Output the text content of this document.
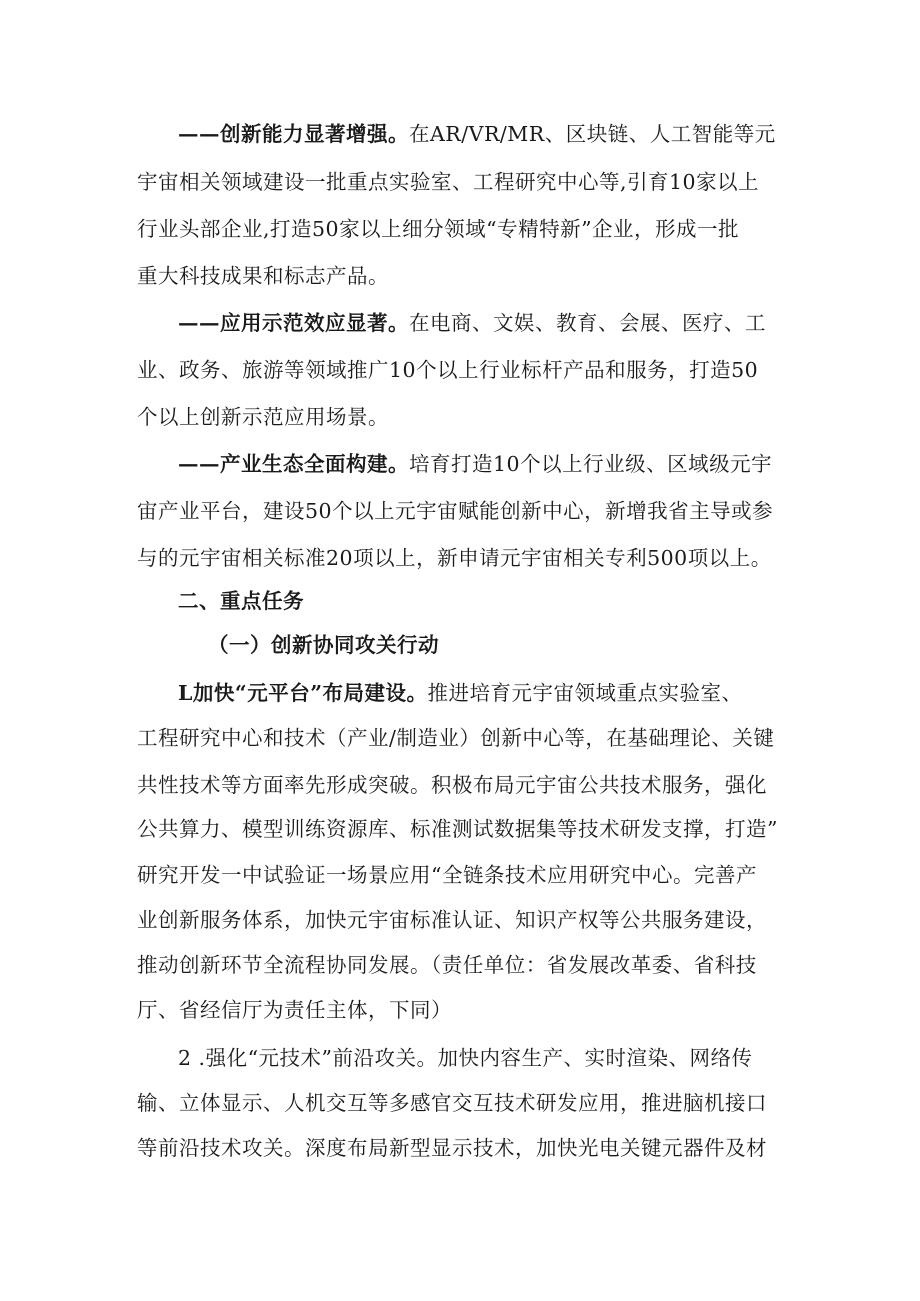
——创新能力显著增强。在AR/VR/MR、区块链、人工智能等元
宇宙相关领域建设一批重点实验室、工程研究中心等,引育10家以上
行业头部企业,打造50家以上细分领域“专精特新”企业，形成一批
重大科技成果和标志产品。
——应用示范效应显著。在电商、文娱、教育、会展、医疗、工
业、政务、旅游等领域推广10个以上行业标杆产品和服务，打造50
个以上创新示范应用场景。
——产业生态全面构建。培育打造10个以上行业级、区域级元宇
宙产业平台，建设50个以上元宇宙赋能创新中心，新增我省主导或参
与的元宇宙相关标准20项以上，新申请元宇宙相关专利500项以上。
二、重点任务
（一）创新协同攻关行动
L加快“元平台”布局建设。推进培育元宇宙领域重点实验室、
工程研究中心和技术（产业/制造业）创新中心等，在基础理论、关键
共性技术等方面率先形成突破。积极布局元宇宙公共技术服务，强化
公共算力、模型训练资源库、标准测试数据集等技术研发支撑，打造”
研究开发一中试验证一场景应用“全链条技术应用研究中心。完善产
业创新服务体系，加快元宇宙标准认证、知识产权等公共服务建设，
推动创新环节全流程协同发展。（责任单位：省发展改革委、省科技
厅、省经信厅为责任主体，下同）
2 .强化“元技术”前沿攻关。加快内容生产、实时渲染、网络传
输、立体显示、人机交互等多感官交互技术研发应用，推进脑机接口
等前沿技术攻关。深度布局新型显示技术，加快光电关键元器件及材
